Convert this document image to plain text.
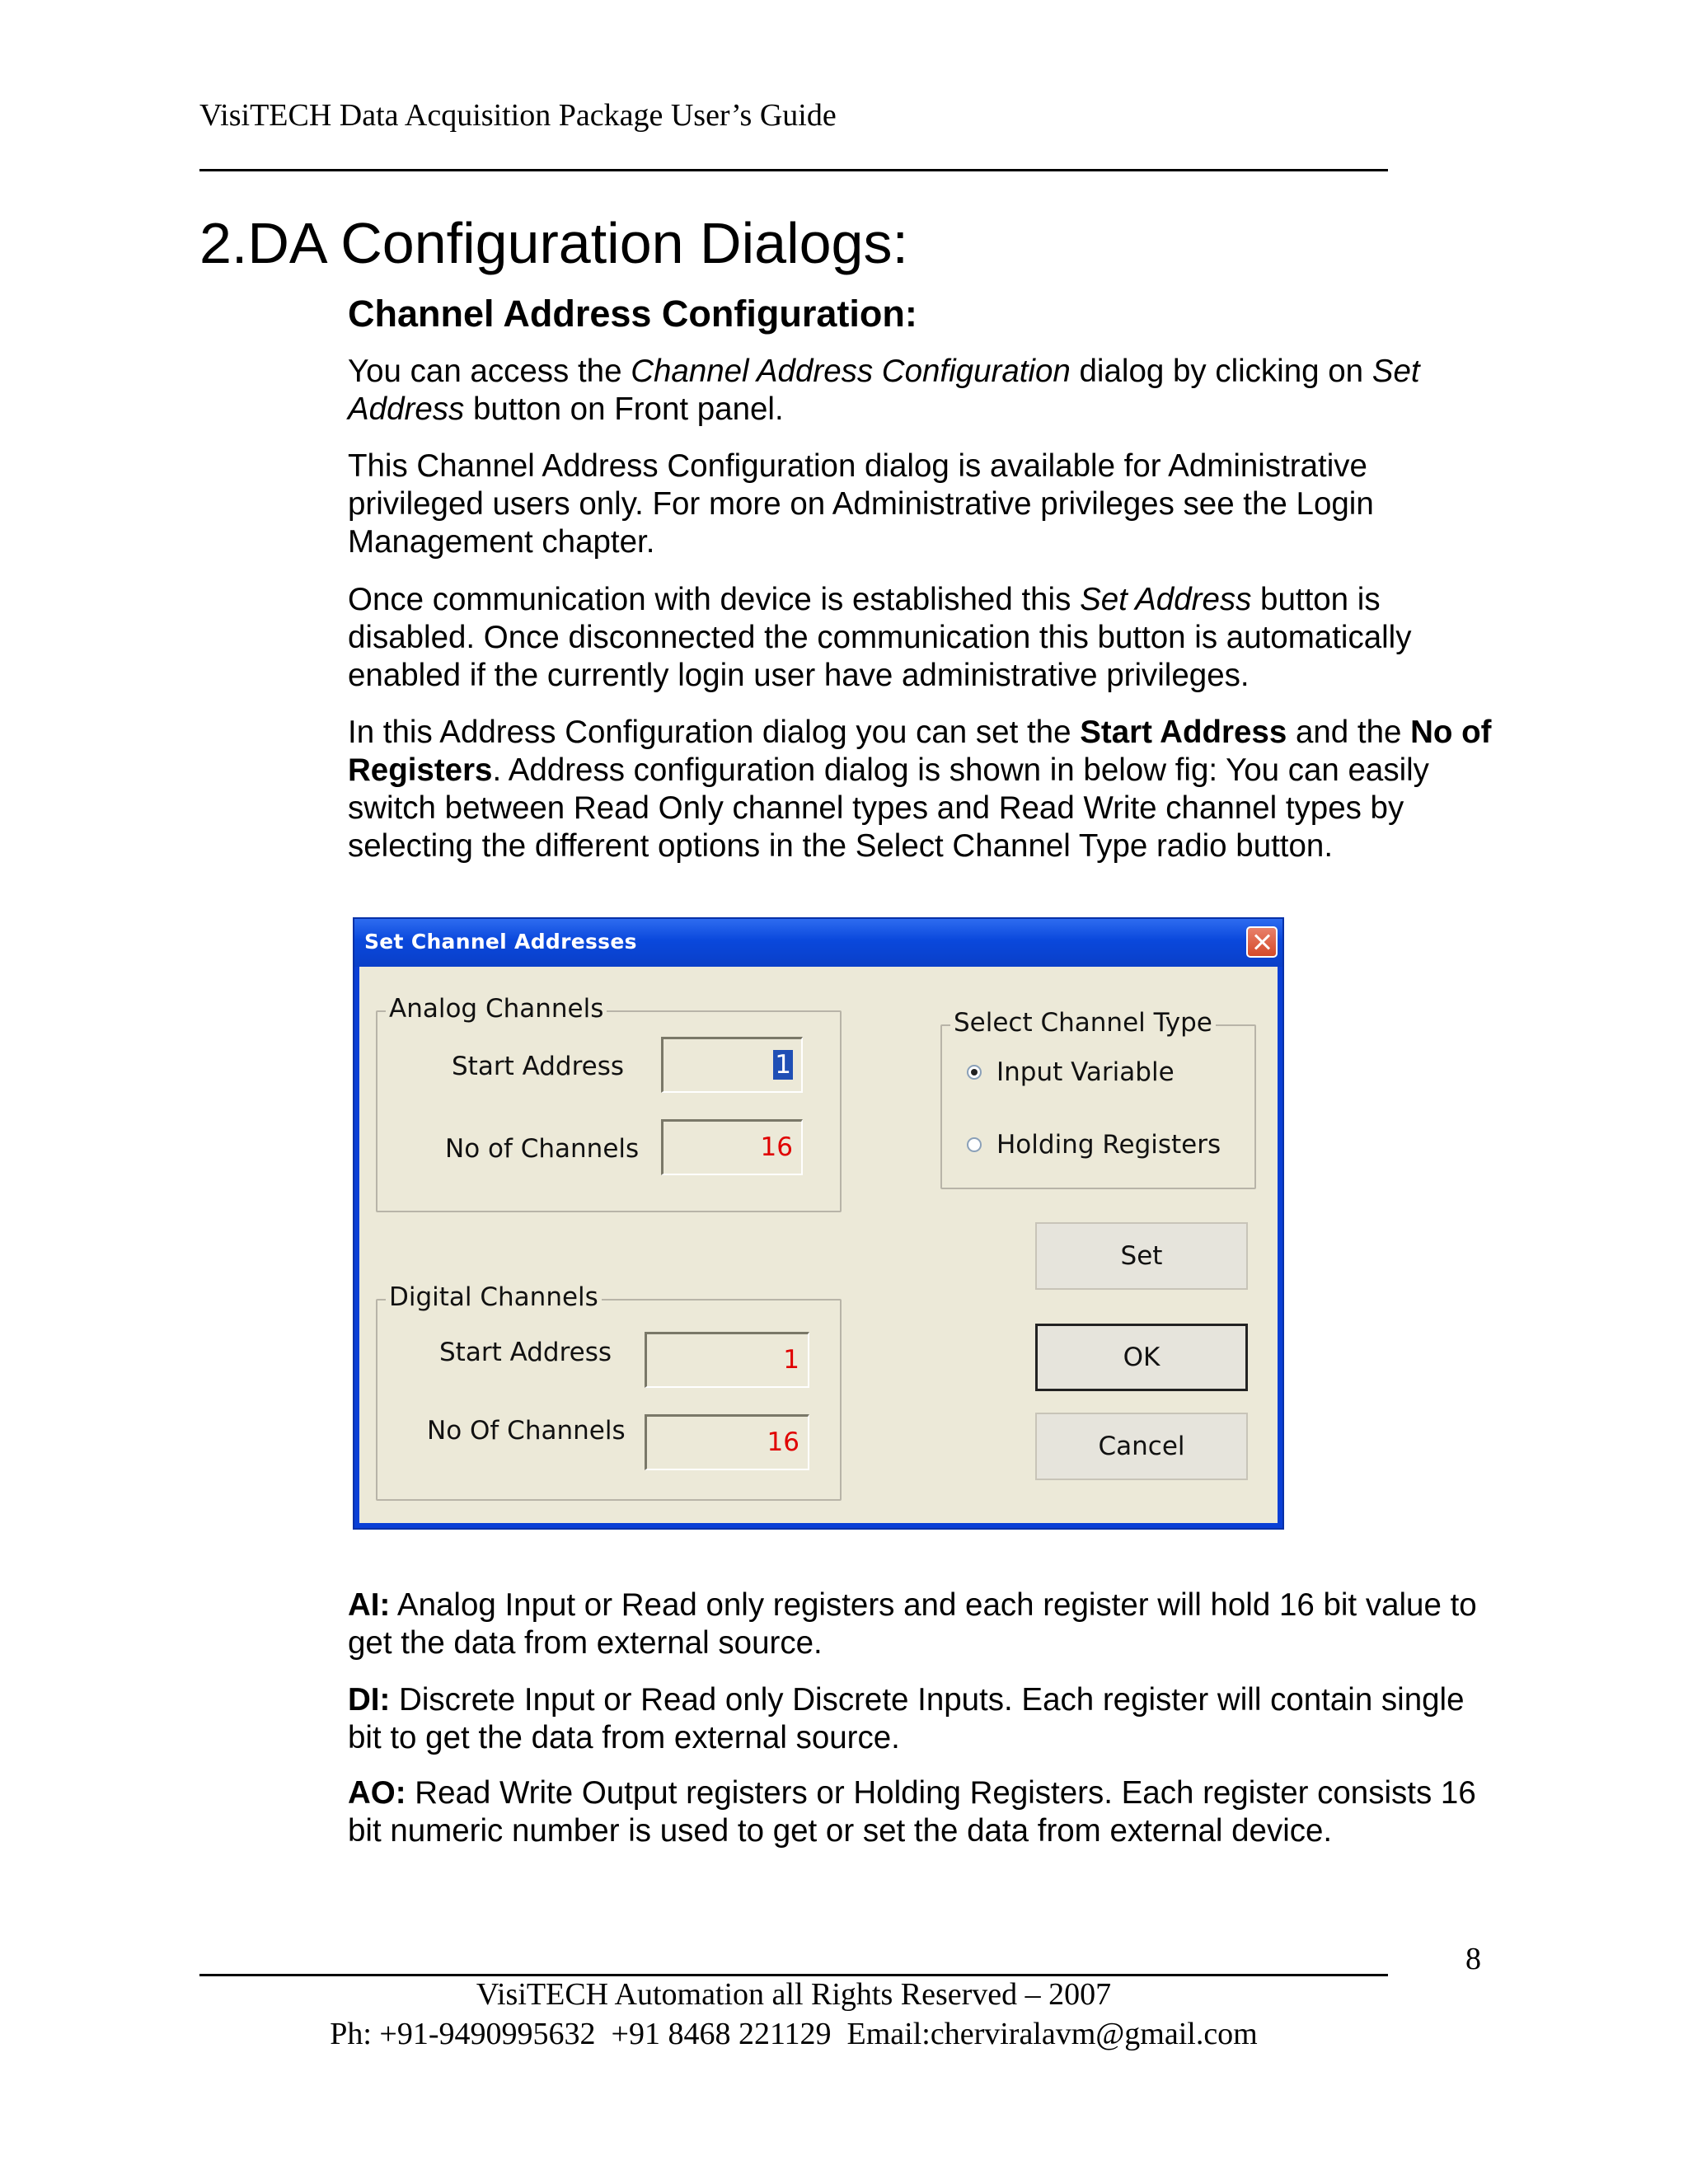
VisiTECH Data Acquisition Package User’s Guide
2.DA Configuration Dialogs:
Channel Address Configuration:

You can access the Channel Address Configuration dialog by clicking on Set Address button on Front panel.

This Channel Address Configuration dialog is available for Administrative privileged users only. For more on Administrative privileges see the Login Management chapter.

Once communication with device is established this Set Address button is disabled. Once disconnected the communication this button is automatically enabled if the currently login user have administrative privileges.

In this Address Configuration dialog you can set the Start Address and the No of Registers. Address configuration dialog is shown in below fig: You can easily switch between Read Only channel types and Read Write channel types by selecting the different options in the Select Channel Type radio button.

Set Channel Addresses
Analog Channels
Start Address	1
No of Channels	16
Select Channel Type
Input Variable
Holding Registers
Digital Channels
Start Address	1
No Of Channels	16
Set
OK
Cancel

AI: Analog Input or Read only registers and each register will hold 16 bit value to get the data from external source.

DI: Discrete Input or Read only Discrete Inputs. Each register will contain single bit to get the data from external source.

AO: Read Write Output registers or Holding Registers. Each register consists 16 bit numeric number is used to get or set the data from external device.

8
VisiTECH Automation all Rights Reserved – 2007
Ph: +91-9490995632  +91 8468 221129  Email:cherviralavm@gmail.com
